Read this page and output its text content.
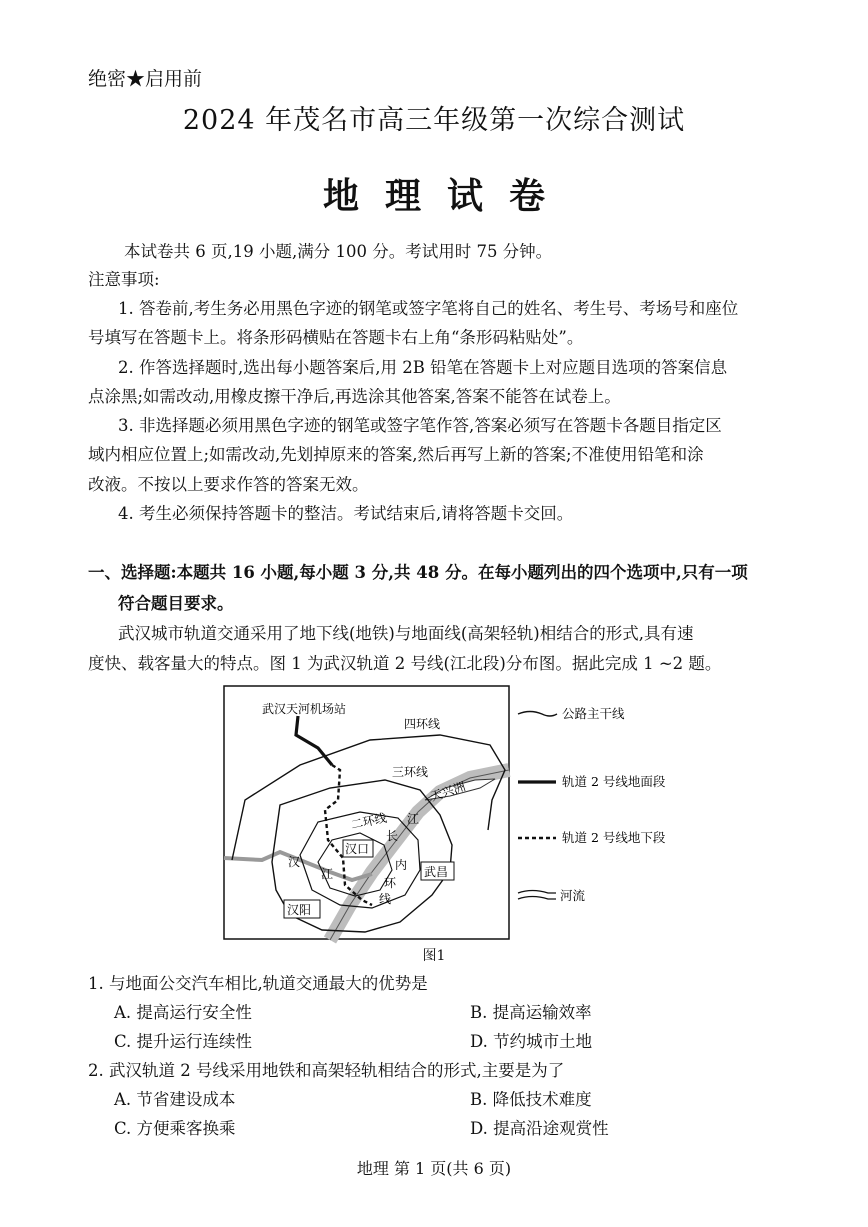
绝密★启用前
2024 年茂名市高三年级第一次综合测试
地理试卷
本试卷共 6 页,19 小题,满分 100 分。考试用时 75 分钟。
注意事项:
1. 答卷前,考生务必用黑色字迹的钢笔或签字笔将自己的姓名、考生号、考场号和座位
号填写在答题卡上。将条形码横贴在答题卡右上角“条形码粘贴处”。
2. 作答选择题时,选出每小题答案后,用 2B 铅笔在答题卡上对应题目选项的答案信息
点涂黑;如需改动,用橡皮擦干净后,再选涂其他答案,答案不能答在试卷上。
3. 非选择题必须用黑色字迹的钢笔或签字笔作答,答案必须写在答题卡各题目指定区
域内相应位置上;如需改动,先划掉原来的答案,然后再写上新的答案;不准使用铅笔和涂
改液。不按以上要求作答的答案无效。
4. 考生必须保持答题卡的整洁。考试结束后,请将答题卡交回。
一、选择题:本题共 16 小题,每小题 3 分,共 48 分。在每小题列出的四个选项中,只有一项
符合题目要求。
武汉城市轨道交通采用了地下线(地铁)与地面线(高架轻轨)相结合的形式,具有速
度快、载客量大的特点。图 1 为武汉轨道 2 号线(江北段)分布图。据此完成 1 ~2 题。
武汉天河机场站
四环线
三环线
二环线
天兴洲
江
长
汉
江
汉口
武昌
汉阳
内
环
线
公路主干线
轨道 2 号线地面段
轨道 2 号线地下段
河流
图1
1. 与地面公交汽车相比,轨道交通最大的优势是
A. 提高运行安全性	B. 提高运输效率
C. 提升运行连续性	D. 节约城市土地
2. 武汉轨道 2 号线采用地铁和高架轻轨相结合的形式,主要是为了
A. 节省建设成本	B. 降低技术难度
C. 方便乘客换乘	D. 提高沿途观赏性
地理 第 1 页(共 6 页)
